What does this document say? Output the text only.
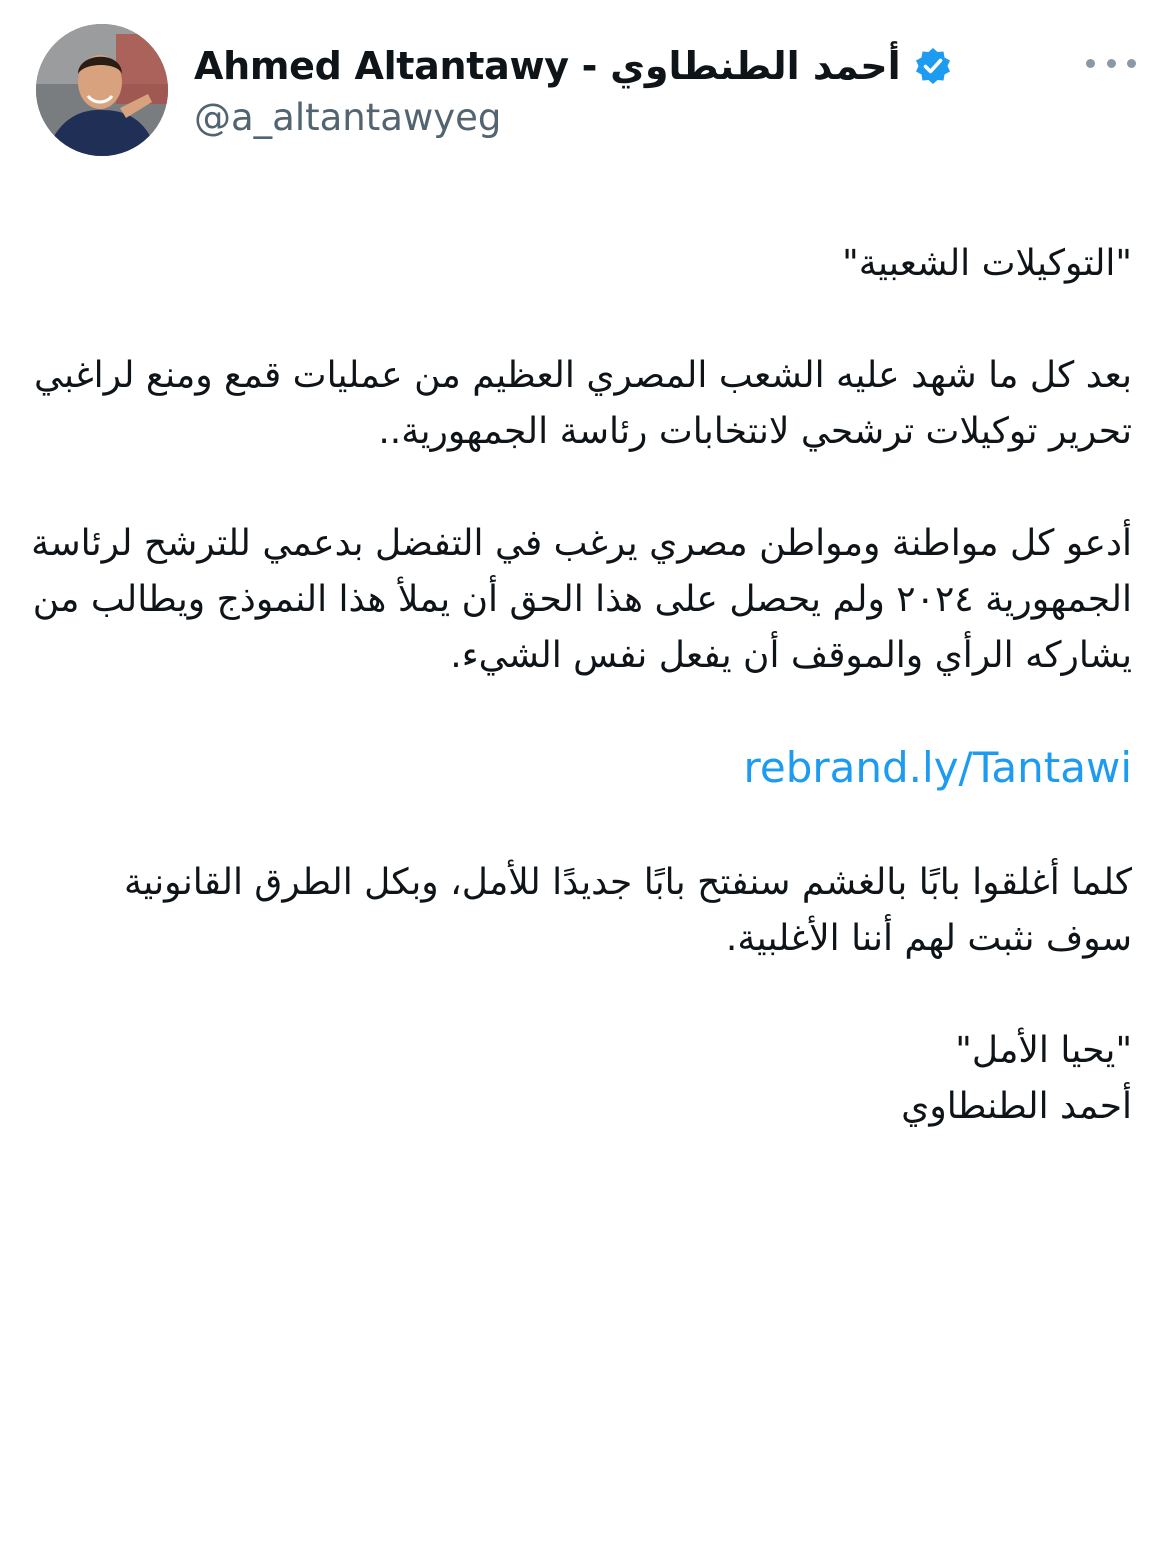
Ahmed Altantawy - أحمد الطنطاوي
@a_altantawyeg

"التوكيلات الشعبية"

بعد كل ما شهد عليه الشعب المصري العظيم من عمليات قمع ومنع لراغبي تحرير توكيلات ترشحي لانتخابات رئاسة الجمهورية..

أدعو كل مواطنة ومواطن مصري يرغب في التفضل بدعمي للترشح لرئاسة الجمهورية ٢٠٢٤ ولم يحصل على هذا الحق أن يملأ هذا النموذج ويطالب من يشاركه الرأي والموقف أن يفعل نفس الشيء.

rebrand.ly/Tantawi

كلما أغلقوا بابًا بالغشم سنفتح بابًا جديدًا للأمل، وبكل الطرق القانونية سوف نثبت لهم أننا الأغلبية.

"يحيا الأمل"

أحمد الطنطاوي
